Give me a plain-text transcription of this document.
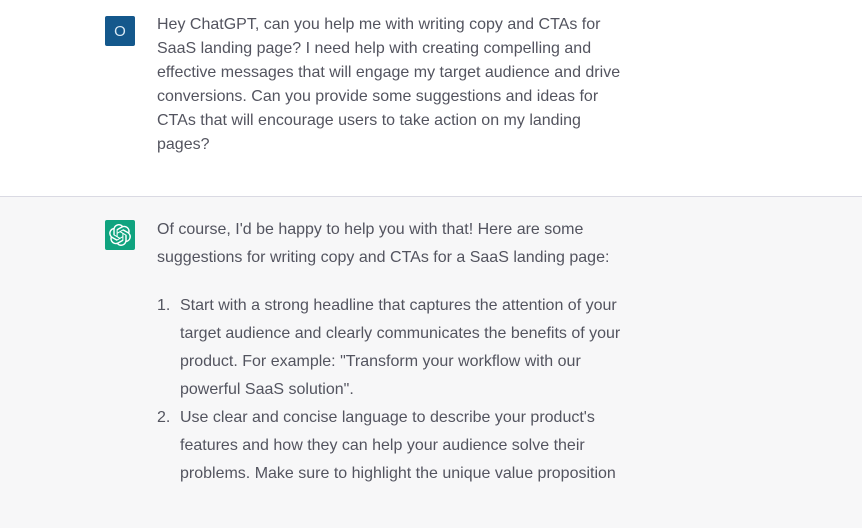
O Hey ChatGPT, can you help me with writing copy and CTAs for SaaS landing page? I need help with creating compelling and effective messages that will engage my target audience and drive conversions. Can you provide some suggestions and ideas for CTAs that will encourage users to take action on my landing pages?
Of course, I'd be happy to help you with that! Here are some suggestions for writing copy and CTAs for a SaaS landing page:
1. Start with a strong headline that captures the attention of your target audience and clearly communicates the benefits of your product. For example: "Transform your workflow with our powerful SaaS solution".
2. Use clear and concise language to describe your product's features and how they can help your audience solve their problems. Make sure to highlight the unique value proposition
